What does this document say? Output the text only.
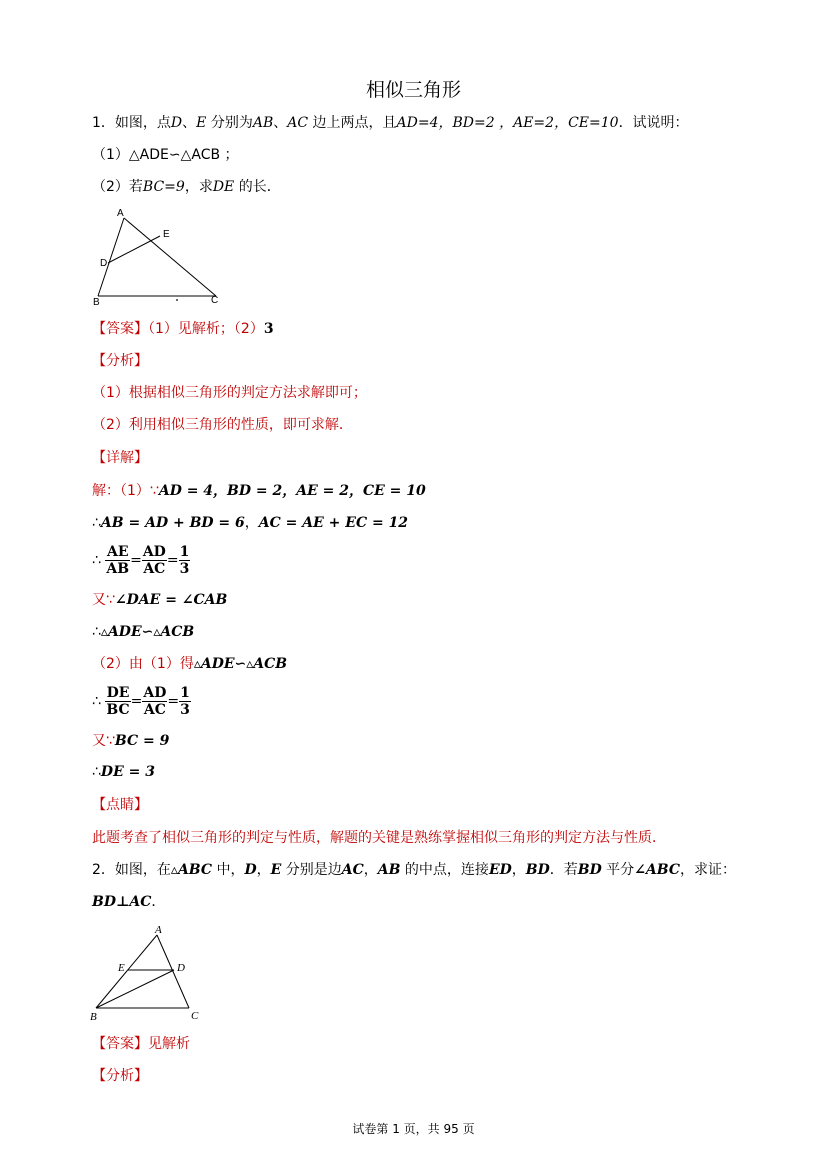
相似三角形
1．如图，点D、E 分别为AB、AC 边上两点，且AD=4，BD=2 ，AE=2，CE=10．试说明：
（1）△ADE∽△ACB ；
（2）若BC=9，求DE 的长．
A
E
D
B	C
【答案】（1）见解析；（2）3
【分析】
（1）根据相似三角形的判定方法求解即可；
（2）利用相似三角形的性质，即可求解．
【详解】
解：（1）∵AD = 4，BD = 2，AE = 2，CE = 10
∴AB = AD + BD = 6，AC = AE + EC = 12
∴ $\frac{AE}{AB} = \frac{AD}{AC} = \frac{1}{3}$
又∵∠DAE = ∠CAB
∴▵ADE∽▵ACB
（2）由（1）得▵ADE∽▵ACB
∴ $\frac{DE}{BC} = \frac{AD}{AC} = \frac{1}{3}$
又∵BC = 9
∴DE = 3
【点睛】
此题考查了相似三角形的判定与性质，解题的关键是熟练掌握相似三角形的判定方法与性质．
2．如图，在▵ABC 中，D，E 分别是边AC，AB 的中点，连接ED，BD．若BD 平分∠ABC，求证：
BD⊥AC．
A
E	D
B	C
【答案】见解析
【分析】
试卷第 1 页，共 95 页
